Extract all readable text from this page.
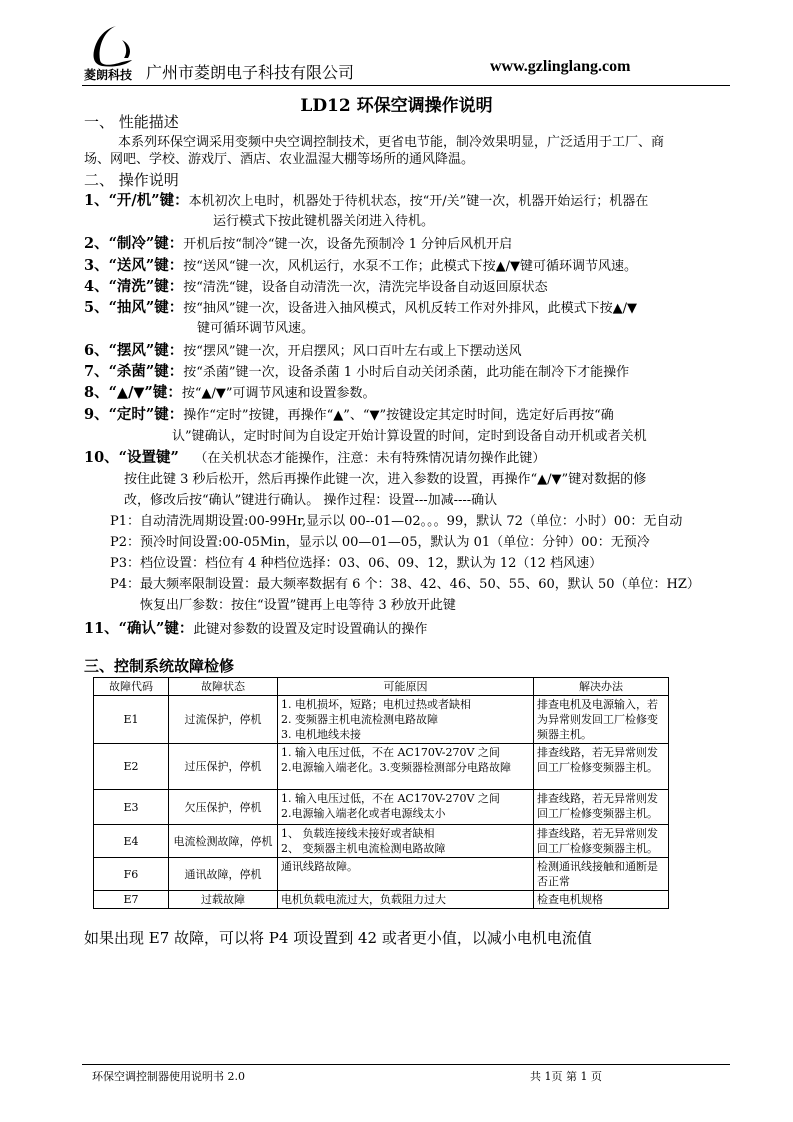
菱朗科技 广州市菱朗电子科技有限公司	www.gzlinglang.com
LD12 环保空调操作说明
一、 性能描述
本系列环保空调采用变频中央空调控制技术，更省电节能，制冷效果明显，广泛适用于工厂、商
场、网吧、学校、游戏厅、酒店、农业温湿大棚等场所的通风降温。
二、 操作说明
1、“开/机”键：本机初次上电时，机器处于待机状态，按“开/关”键一次，机器开始运行；机器在
运行模式下按此键机器关闭进入待机。
2、“制冷”键：开机后按“制冷“键一次，设备先预制冷 1 分钟后风机开启
3、“送风”键：按“送风“键一次，风机运行，水泵不工作；此模式下按▲/▼键可循环调节风速。
4、“清洗”键：按“清洗“键，设备自动清洗一次，清洗完毕设备自动返回原状态
5、“抽风”键：按“抽风”键一次，设备进入抽风模式，风机反转工作对外排风，此模式下按▲/▼
键可循环调节风速。
6、“摆风”键：按“摆风”键一次，开启摆风；风口百叶左右或上下摆动送风
7、“杀菌”键：按“杀菌”键一次，设备杀菌 1 小时后自动关闭杀菌，此功能在制冷下才能操作
8、“▲/▼”键：按“▲/▼”可调节风速和设置参数。
9、“定时”键：操作“定时”按键，再操作“▲”、“▼”按键设定其定时时间，选定好后再按“确
认”键确认，定时时间为自设定开始计算设置的时间，定时到设备自动开机或者关机
10、“设置键” （在关机状态才能操作，注意：未有特殊情况请勿操作此键）
按住此键 3 秒后松开，然后再操作此键一次，进入参数的设置，再操作“▲/▼”键对数据的修
改，修改后按“确认”键进行确认。 操作过程：设置---加减----确认
P1：自动清洗周期设置:00-99Hr,显示以 00--01—02。。。99，默认 72（单位：小时）00：无自动
P2：预冷时间设置:00-05Min，显示以 00—01—05，默认为 01（单位：分钟）00：无预冷
P3：档位设置：档位有 4 种档位选择：03、06、09、12，默认为 12（12 档风速）
P4：最大频率限制设置：最大频率数据有 6 个：38、42、46、50、55、60，默认 50（单位：HZ）
恢复出厂参数：按住“设置”键再上电等待 3 秒放开此键
11、“确认”键：此键对参数的设置及定时设置确认的操作
三、控制系统故障检修
故障代码	故障状态	可能原因	解决办法
E1	过流保护，停机	1. 电机损坏，短路；电机过热或者缺相
2. 变频器主机电流检测电路故障
3. 电机地线未接	排查电机及电源输入，若为异常则发回工厂检修变频器主机。
E2	过压保护，停机	1. 输入电压过低，不在 AC170V-270V 之间
2.电源输入端老化。3.变频器检测部分电路故障	排查线路，若无异常则发回工厂检修变频器主机。
E3	欠压保护，停机	1. 输入电压过低，不在 AC170V-270V 之间
2.电源输入端老化或者电源线太小	排查线路，若无异常则发回工厂检修变频器主机。
E4	电流检测故障，停机	1、 负载连接线未接好或者缺相
2、 变频器主机电流检测电路故障	排查线路，若无异常则发回工厂检修变频器主机。
F6	通讯故障，停机	通讯线路故障。	检测通讯线接触和通断是否正常
E7	过载故障	电机负载电流过大，负载阻力过大	检查电机规格
如果出现 E7 故障，可以将 P4 项设置到 42 或者更小值，以减小电机电流值
环保空调控制器使用说明书 2.0	共 1页 第 1 页
